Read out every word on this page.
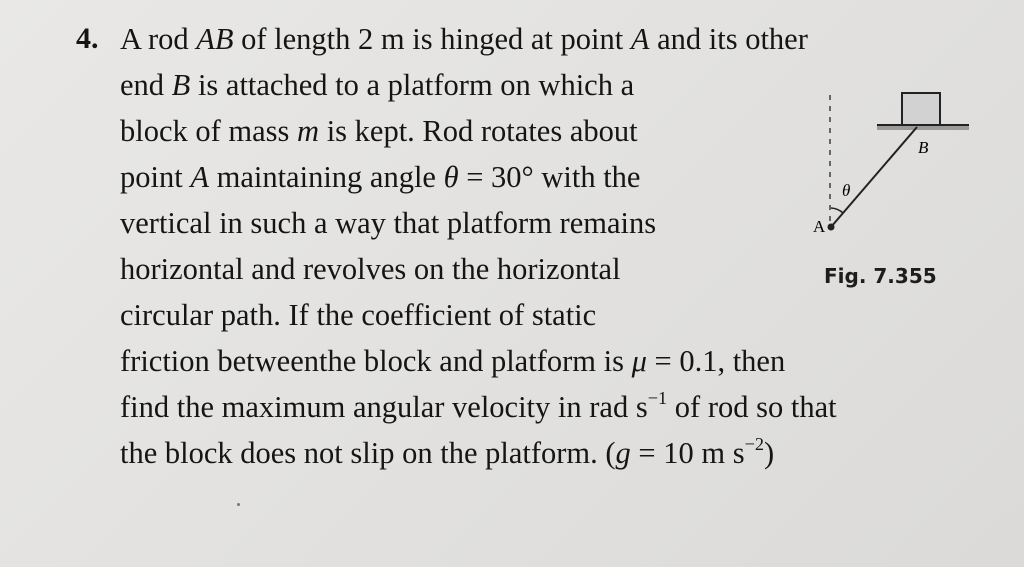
4. A rod AB of length 2 m is hinged at point A and its other
end B is attached to a platform on which a
block of mass m is kept. Rod rotates about
point A maintaining angle θ = 30° with the
vertical in such a way that platform remains
horizontal and revolves on the horizontal
circular path. If the coefficient of static
friction betweenthe block and platform is μ = 0.1, then
find the maximum angular velocity in rad $s^{-1}$ of rod so that
the block does not slip on the platform. (g = 10 m $s^{-2}$)
A
B
θ
Fig. 7.355
